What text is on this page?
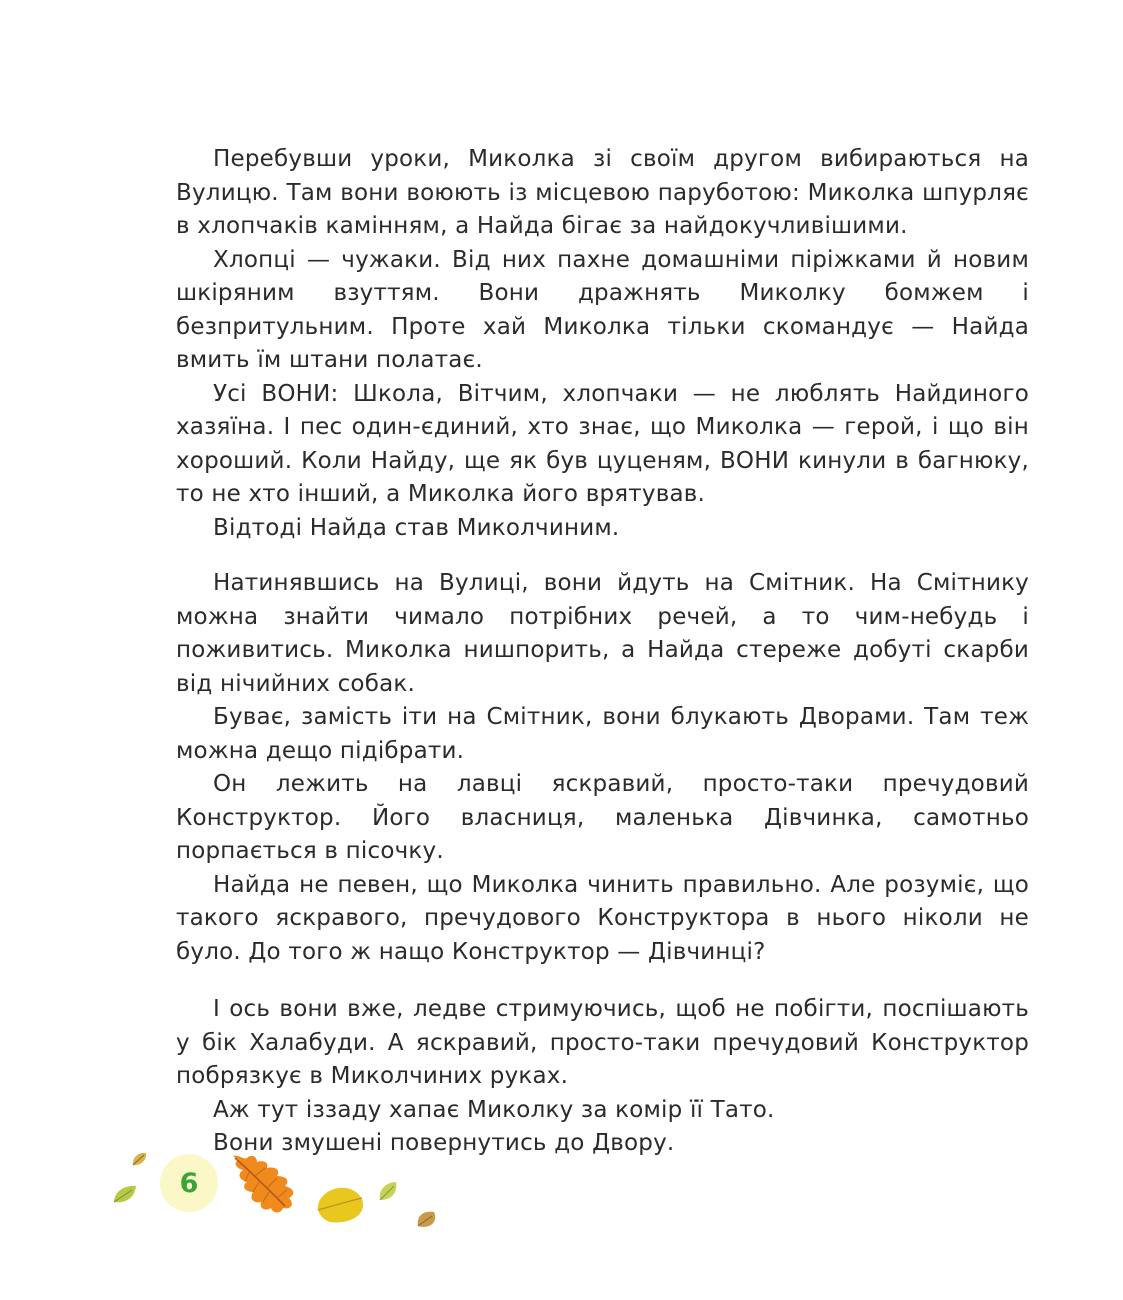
Перебувши уроки, Миколка зі своїм другом вибираються на Вулицю. Там вони воюють із місцевою паруботою: Миколка шпурляє в хлопчаків камінням, а Найда бігає за найдокучливішими.

Хлопці — чужаки. Від них пахне домашніми піріжками й новим шкіряним взуттям. Вони дражнять Миколку бомжем і безпритульним. Проте хай Миколка тільки скомандує — Найда вмить їм штани полатає.

Усі ВОНИ: Школа, Вітчим, хлопчаки — не люблять Найдиного хазяїна. І пес один-єдиний, хто знає, що Миколка — герой, і що він хороший. Коли Найду, ще як був цуценям, ВОНИ кинули в багнюку, то не хто інший, а Миколка його врятував.

Відтоді Найда став Миколчиним.

Натинявшись на Вулиці, вони йдуть на Смітник. На Смітнику можна знайти чимало потрібних речей, а то чим-небудь і поживитись. Миколка нишпорить, а Найда стереже добуті скарби від нічийних собак.

Буває, замість іти на Смітник, вони блукають Дворами. Там теж можна дещо підібрати.

Он лежить на лавці яскравий, просто-таки пречудовий Конструктор. Його власниця, маленька Дівчинка, самотньо порпається в пісочку.

Найда не певен, що Миколка чинить правильно. Але розуміє, що такого яскравого, пречудового Конструктора в нього ніколи не було. До того ж нащо Конструктор — Дівчинці?

І ось вони вже, ледве стримуючись, щоб не побігти, поспішають у бік Халабуди. А яскравий, просто-таки пречудовий Конструктор побрязкує в Миколчиних руках.

Аж тут іззаду хапає Миколку за комір її Тато.

Вони змушені повернутись до Двору.

6
